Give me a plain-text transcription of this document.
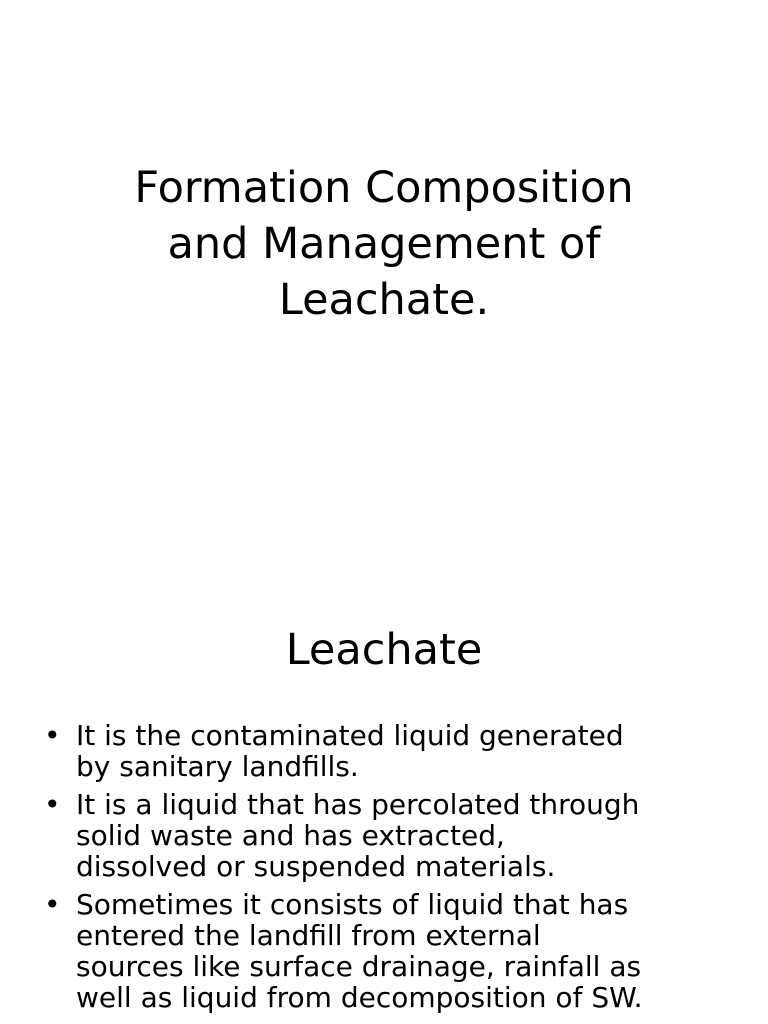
Formation Composition
and Management of
Leachate.
Leachate
• It is the contaminated liquid generated
by sanitary landfills.
• It is a liquid that has percolated through
solid waste and has extracted,
dissolved or suspended materials.
• Sometimes it consists of liquid that has
entered the landfill from external
sources like surface drainage, rainfall as
well as liquid from decomposition of SW.
